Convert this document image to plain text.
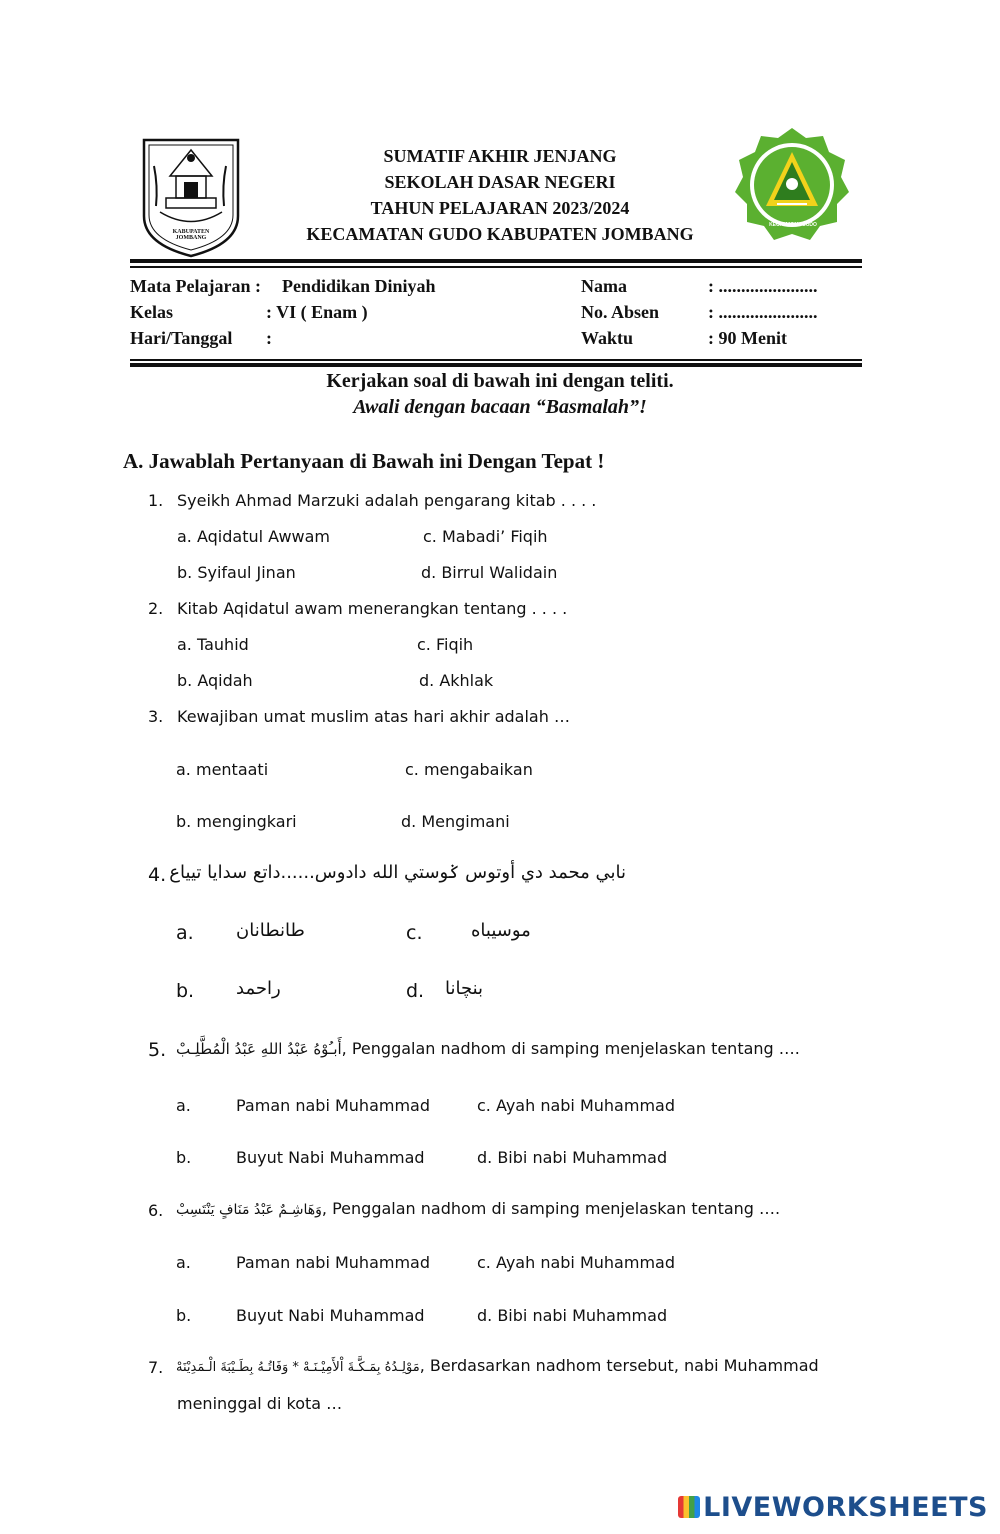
KABUPATEN JOMBANG
KECAMATAN GUDO
SUMATIF AKHIR JENJANG
SEKOLAH DASAR NEGERI
TAHUN PELAJARAN 2023/2024
KECAMATAN GUDO KABUPATEN JOMBANG
Mata Pelajaran : Pendidikan Diniyah
Kelas	: VI ( Enam )
Hari/Tanggal :
Nama	: ......................
No. Absen	: ......................
Waktu	: 90 Menit
Kerjakan soal di bawah ini dengan teliti.
Awali dengan bacaan “Basmalah”!
A. Jawablah Pertanyaan di Bawah ini Dengan Tepat !
1. Syeikh Ahmad Marzuki adalah pengarang kitab . . . .
a. Aqidatul Awwam	c. Mabadi’ Fiqih
b. Syifaul Jinan	d. Birrul Walidain
2. Kitab Aqidatul awam menerangkan tentang . . . .
a. Tauhid	c. Fiqih
b. Aqidah	d. Akhlak
3. Kewajiban umat muslim atas hari akhir adalah …
a. mentaati	c. mengabaikan
b. mengingkari	d. Mengimani
4. نابي محمد دي أوتوس ݢوستي الله دادوس......داتع سدايا تيياع
a. طانطانان	c.	موسيباه
b. راحمد	d. بنچانا
5. أَبـُوْهُ عَبْدُ اللهِ عَبْدُ الْمُطَّلِـبْ, Penggalan nadhom di samping menjelaskan tentang ….
a.	Paman nabi Muhammad	c. Ayah nabi Muhammad
b.	Buyut Nabi Muhammad	d. Bibi nabi Muhammad
6. وَهَاشِـمٌ عَبْدُ مَنَافٍ يَنْتَسِبْ, Penggalan nadhom di samping menjelaskan tentang ….
a.	Paman nabi Muhammad	c. Ayah nabi Muhammad
b.	Buyut Nabi Muhammad	d. Bibi nabi Muhammad
7. مَوْلِـدُهُ بِمَـكَّـةَ اْلأَمِيْـنَـهْ * وَفَاتُـهُ بِطَـيْبَةَ الْـمَدِيْنَهْ, Berdasarkan nadhom tersebut, nabi Muhammad
meninggal di kota …
LIVEWORKSHEETS
